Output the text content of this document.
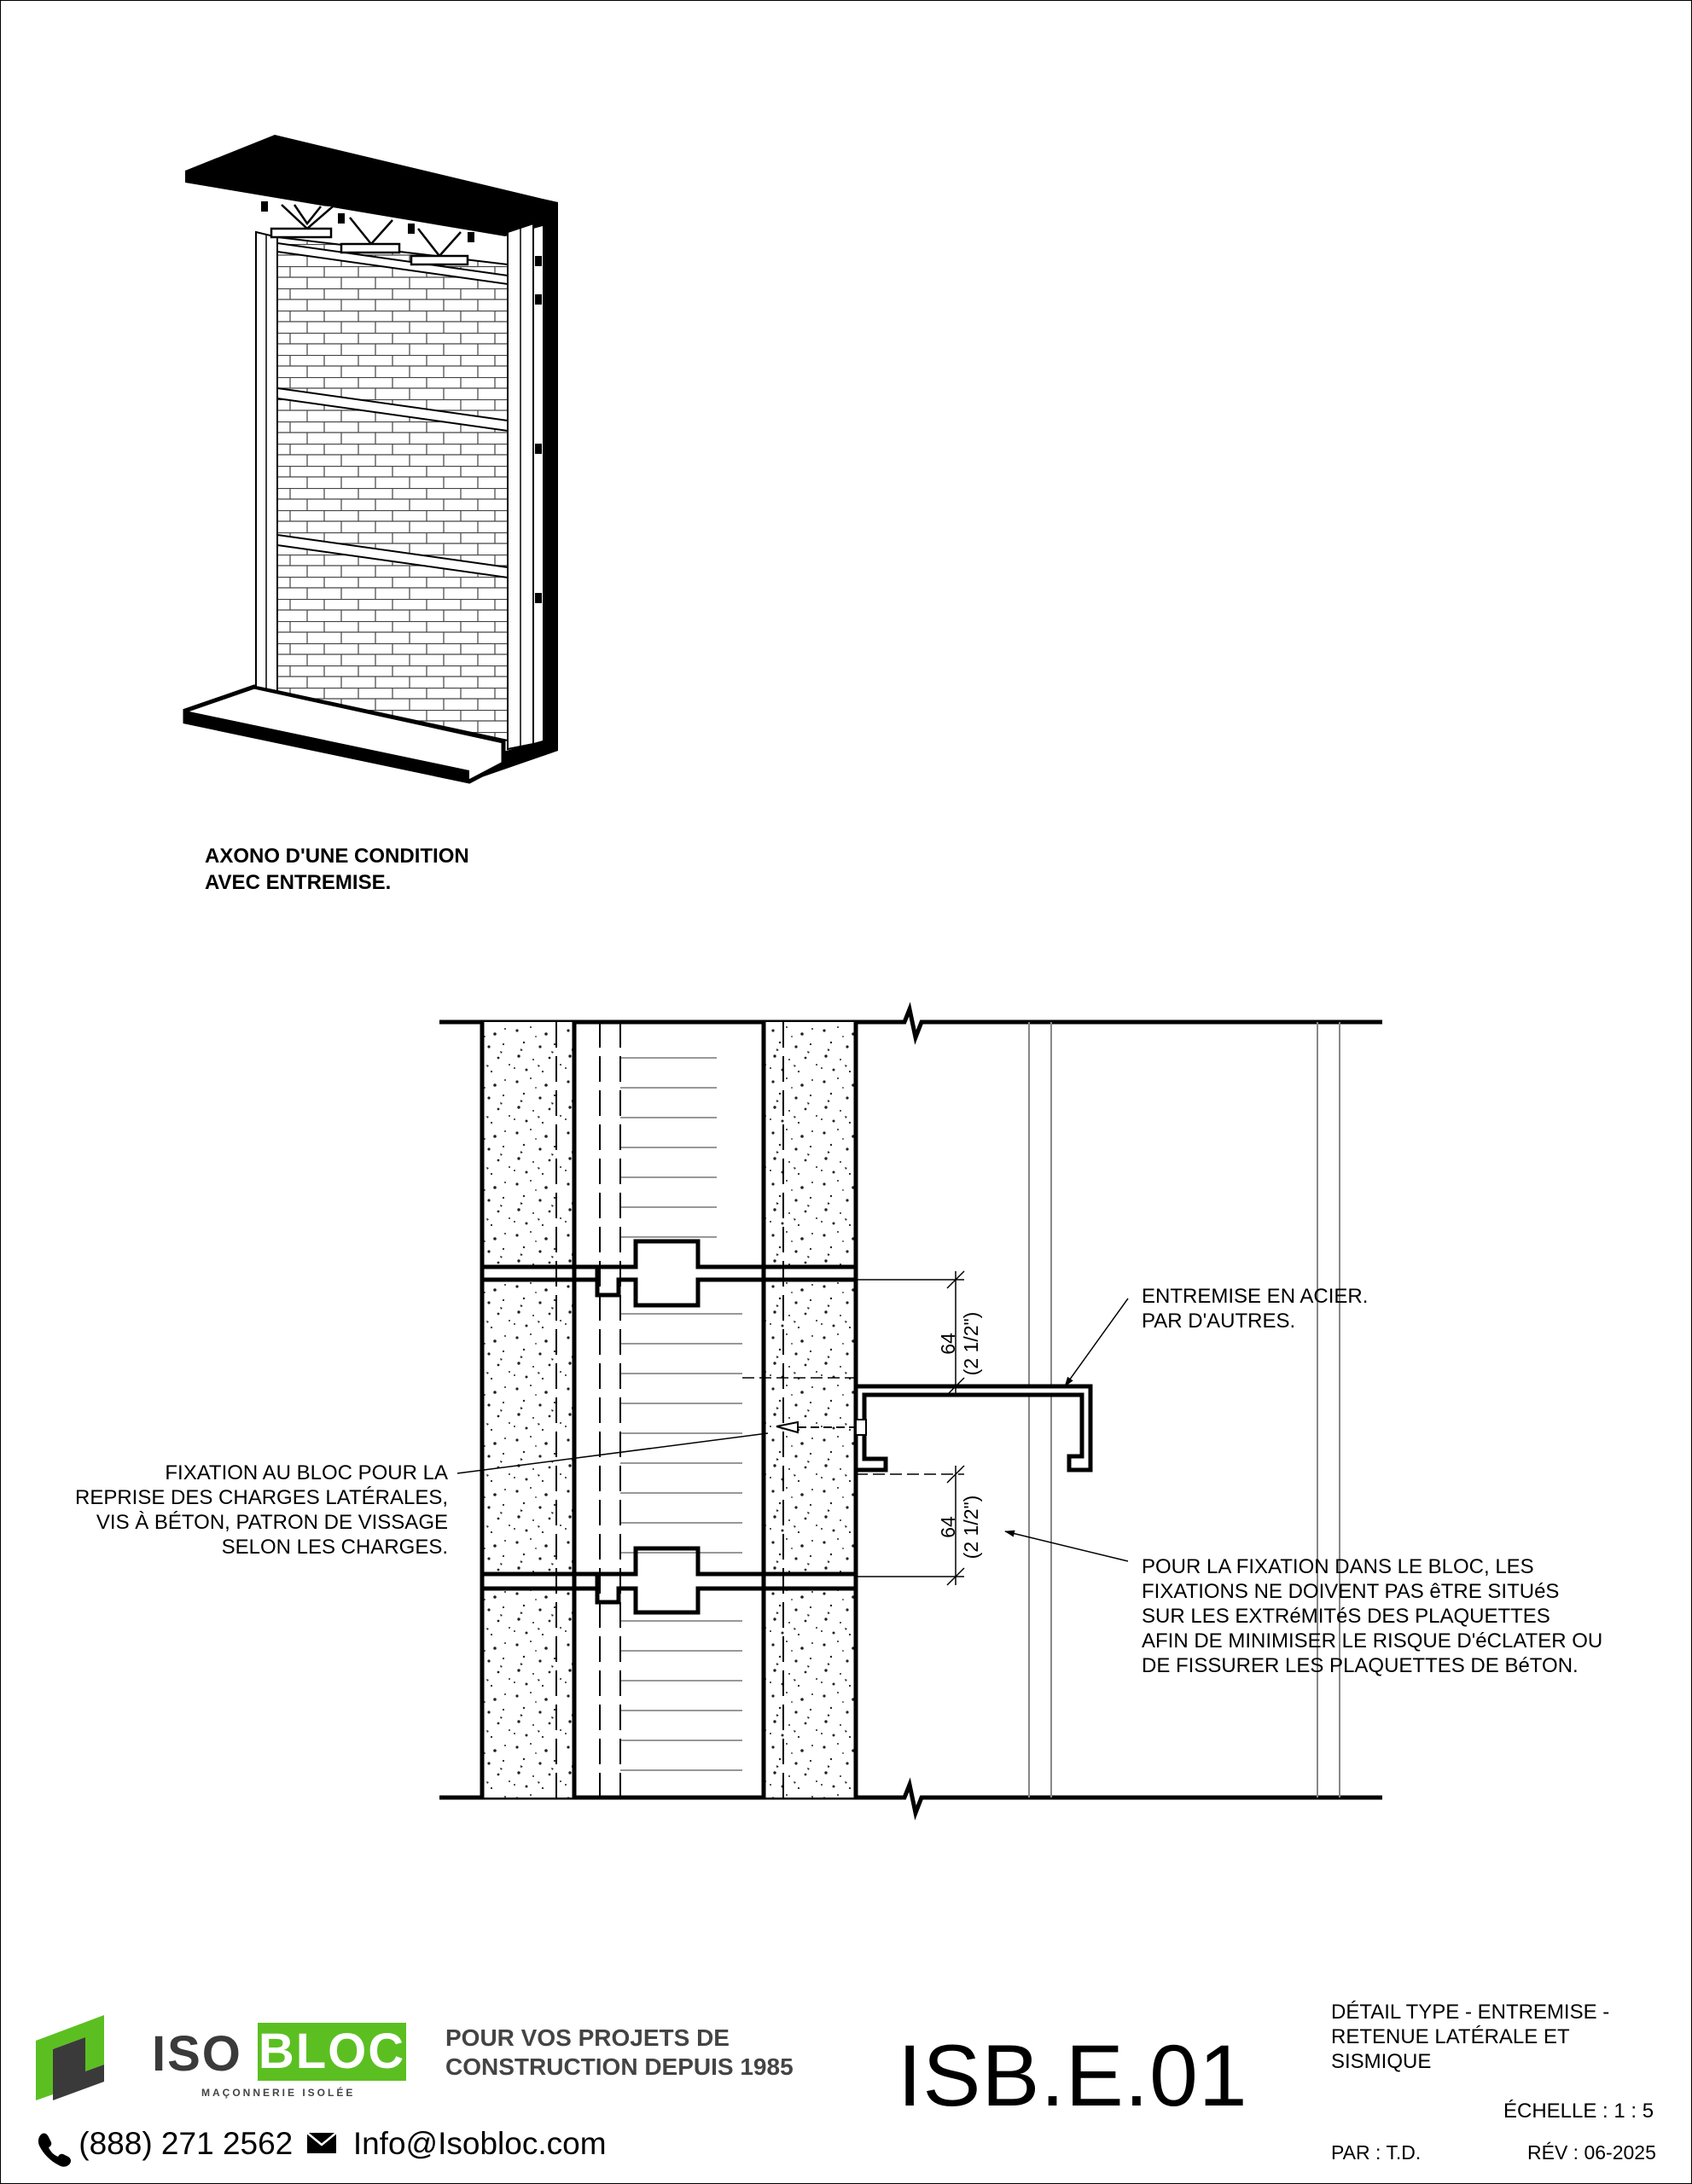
AXONO D'UNE CONDITION
AVEC ENTREMISE.
64 (2 1/2")
64 (2 1/2")
ENTREMISE EN ACIER.
PAR D'AUTRES.
FIXATION AU BLOC POUR LA
REPRISE DES CHARGES LATÉRALES,
VIS À BÉTON, PATRON DE VISSAGE
SELON LES CHARGES.
POUR LA FIXATION DANS LE BLOC, LES
FIXATIONS NE DOIVENT PAS êTRE SITUéS
SUR LES EXTRéMITéS DES PLAQUETTES
AFIN DE MINIMISER LE RISQUE D'éCLATER OU
DE FISSURER LES PLAQUETTES DE BéTON.
ISO BLOC
MAÇONNERIE ISOLÉE
POUR VOS PROJETS DE
CONSTRUCTION DEPUIS 1985
(888) 271 2562 Info@Isobloc.com
ISB.E.01
DÉTAIL TYPE - ENTREMISE -
RETENUE LATÉRALE ET
SISMIQUE
ÉCHELLE : 1 : 5
PAR : T.D.	RÉV : 06-2025
